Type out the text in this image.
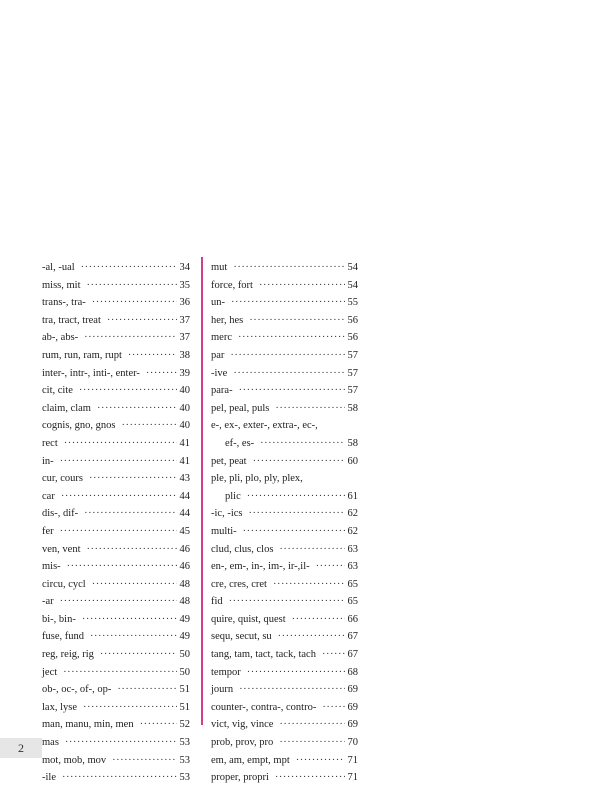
-al, -ual ·····	34
miss, mit ·····	35
trans-, tra- ·····	36
tra, tract, treat ·····	37
ab-, abs- ·····	37
rum, run, ram, rupt ·····	38
inter-, intr-, inti-, enter- ·····	39
cit, cite ·····	40
claim, clam ·····	40
cognis, gno, gnos ·····	40
rect ·····	41
in- ·····	41
cur, cours ·····	43
car ·····	44
dis-, dif- ·····	44
fer ·····	45
ven, vent ·····	46
mis- ·····	46
circu, cycl ·····	48
-ar ·····	48
bi-, bin- ·····	49
fuse, fund ·····	49
reg, reig, rig ·····	50
ject ·····	50
ob-, oc-, of-, op- ·····	51
lax, lyse ·····	51
man, manu, min, men ·····	52
mas ·····	53
mot, mob, mov ·····	53
-ile ·····	53
mut ·····	54
force, fort ·····	54
un- ·····	55
her, hes ·····	56
merc ·····	56
par ·····	57
-ive ·····	57
para- ·····	57
pel, peal, puls ·····	58
e-, ex-, exter-, extra-, ec-,
ef-, es- ·····	58
pet, peat ·····	60
ple, pli, plo, ply, plex,
plic ·····	61
-ic, -ics ·····	62
multi- ·····	62
clud, clus, clos ·····	63
en-, em-, in-, im-, ir-,il- ·····	63
cre, cres, cret ·····	65
fid ·····	65
quire, quist, quest ·····	66
sequ, secut, su ·····	67
tang, tam, tact, tack, tach ·····	67
tempor ·····	68
journ ·····	69
counter-, contra-, contro- ·····	69
vict, vig, vince ·····	69
prob, prov, pro ·····	70
em, am, empt, mpt ·····	71
proper, propri ·····	71
2
